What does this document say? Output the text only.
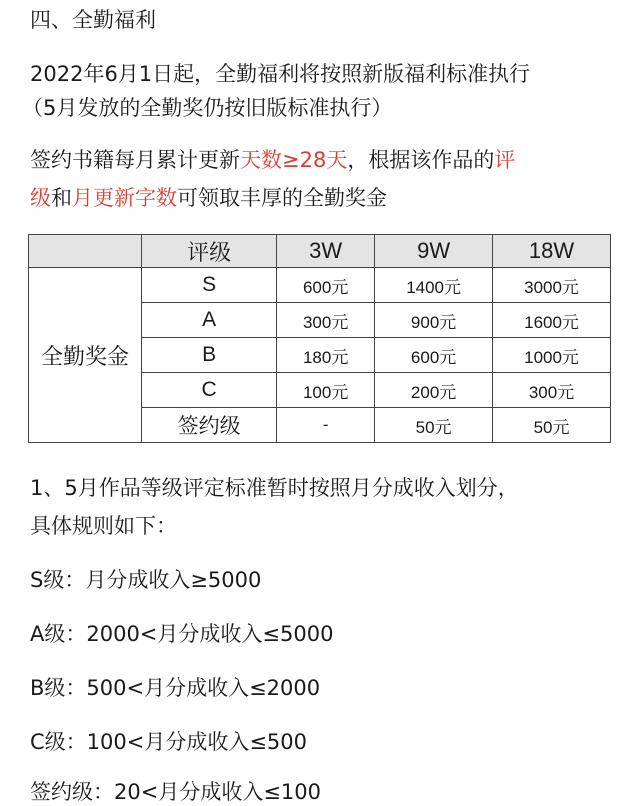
四、全勤福利
2022年6月1日起，全勤福利将按照新版福利标准执行
（5月发放的全勤奖仍按旧版标准执行）
签约书籍每月累计更新天数≥28天，根据该作品的评
级和月更新字数可领取丰厚的全勤奖金
	评级	3W	9W	18W
全勤奖金	S	600元	1400元	3000元
	A	300元	900元	1600元
	B	180元	600元	1000元
	C	100元	200元	300元
	签约级	-	50元	50元
1、5月作品等级评定标准暂时按照月分成收入划分，
具体规则如下：
S级：月分成收入≥5000
A级：2000<月分成收入≤5000
B级：500<月分成收入≤2000
C级：100<月分成收入≤500
签约级：20<月分成收入≤100
